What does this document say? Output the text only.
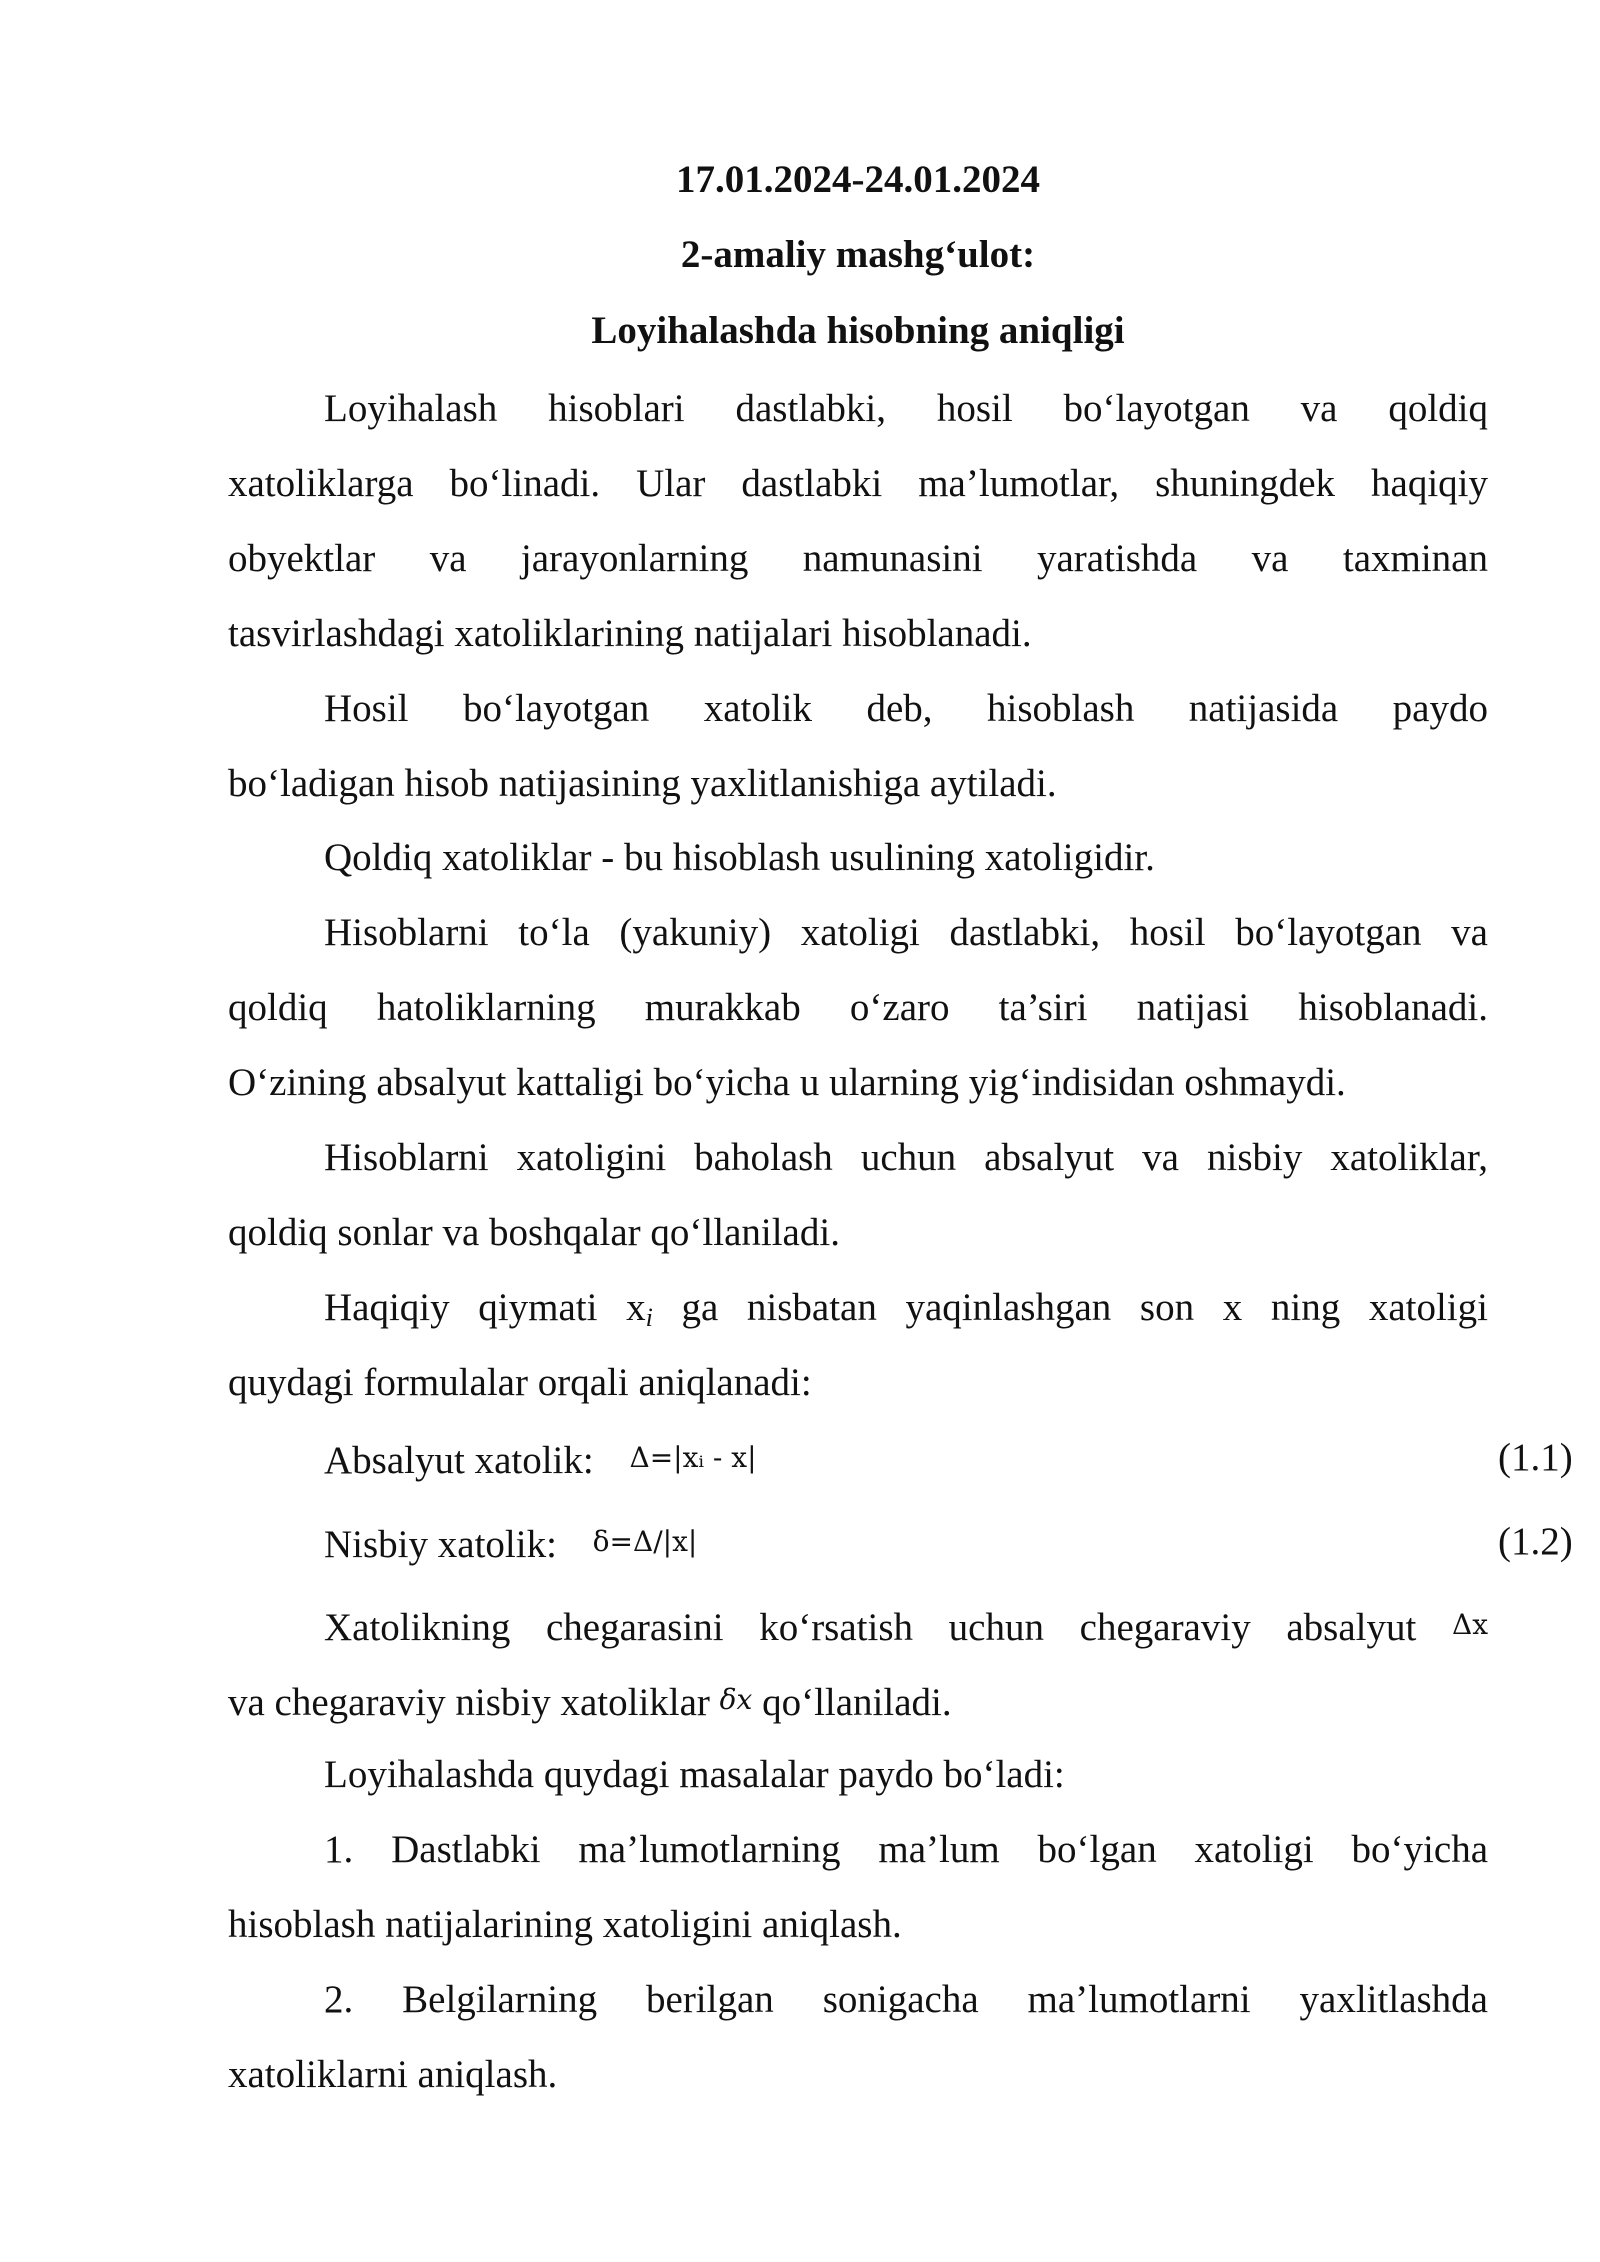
17.01.2024-24.01.2024
2-amaliy mashg‘ulot:
Loyihalashda hisobning aniqligi
Loyihalash hisoblari dastlabki, hosil bo‘layotgan va qoldiq
xatoliklarga bo‘linadi. Ular dastlabki ma’lumotlar, shuningdek haqiqiy
obyektlar va jarayonlarning namunasini yaratishda va taxminan
tasvirlashdagi xatoliklarining natijalari hisoblanadi.
Hosil bo‘layotgan xatolik deb, hisoblash natijasida paydo
bo‘ladigan hisob natijasining yaxlitlanishiga aytiladi.
Qoldiq xatoliklar - bu hisoblash usulining xatoligidir.
Hisoblarni to‘la (yakuniy) xatoligi dastlabki, hosil bo‘layotgan va
qoldiq hatoliklarning murakkab o‘zaro ta’siri natijasi hisoblanadi.
O‘zining absalyut kattaligi bo‘yicha u ularning yig‘indisidan oshmaydi.
Hisoblarni xatoligini baholash uchun absalyut va nisbiy xatoliklar,
qoldiq sonlar va boshqalar qo‘llaniladi.
Haqiqiy qiymati $x_i$ ga nisbatan yaqinlashgan son x ning xatoligi
quydagi formulalar orqali aniqlanadi:
Absalyut xatolik: Δ=|xᵢ - x|	(1.1)
Nisbiy xatolik: δ=Δ/|x|	(1.2)
Xatolikning chegarasini ko‘rsatish uchun chegaraviy absalyut Δx
va chegaraviy nisbiy xatoliklar δx qo‘llaniladi.
Loyihalashda quydagi masalalar paydo bo‘ladi:
1. Dastlabki ma’lumotlarning ma’lum bo‘lgan xatoligi bo‘yicha
hisoblash natijalarining xatoligini aniqlash.
2. Belgilarning berilgan sonigacha ma’lumotlarni yaxlitlashda
xatoliklarni aniqlash.
